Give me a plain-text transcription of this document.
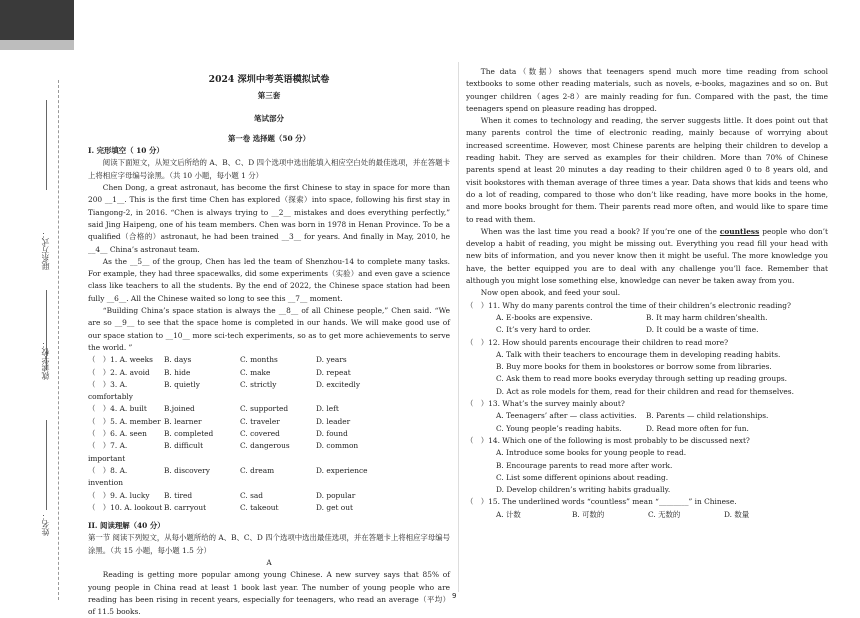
联系方式：
就读学校：
姓名：
2024 深圳中考英语模拟试卷
第三套
笔试部分
第一卷 选择题（50 分）
I. 完形填空（ 10 分）

阅读下面短文，从短文后所给的 A、B、C、D 四个选项中选出能填入相应空白处的最佳选项，并在答题卡上将相应字母编号涂黑。（共 10 小题，每小题 1 分）

Chen Dong, a great astronaut, has become the first Chinese to stay in space for more than 200 __1__. This is the first time Chen has explored（探索）into space, following his first stay in Tiangong-2, in 2016. “Chen is always trying to __2__ mistakes and does everything perfectly,” said Jing Haipeng, one of his team members. Chen was born in 1978 in Henan Province. To be a qualified（合格的）astronaut, he had been trained __3__ for years. And finally in May, 2010, he __4__ China’s astronaut team.

As the __5__ of the group, Chen has led the team of Shenzhou-14 to complete many tasks. For example, they had three spacewalks, did some experiments（实验）and even gave a science class like teachers to all the students. By the end of 2022, the Chinese space station had been fully __6__. All the Chinese waited so long to see this __7__ moment.

“Building China’s space station is always the __8__ of all Chinese people,” Chen said. “We are so __9__ to see that the space home is completed in our hands. We will make good use of our space station to __10__ more sci-tech experiments, so as to get more achievements to serve the world. ”

（　）1. A. weeks	B. days	C. months	D. years
（　）2. A. avoid	B. hide	C. make	D. repeat
（　）3. A. comfortably
B. quietly	C. strictly	D. excitedly
（　）4. A. built	B.joined	C. supported	D. left
（　）5. A. member B. learner	C. traveler	D. leader
（　）6. A. seen	B. completed	C. covered	D. found
（　）7. A. important
B. difficult	C. dangerous	D. common
（　）8. A. invention
B. discovery	C. dream	D. experience
（　）9. A. lucky	B. tired	C. sad	D. popular
（　）10. A. lookout B. carryout	C. takeout	D. get out
II. 阅读理解（40 分）
第一节 阅读下列短文，从每小题所给的 A、B、C、D 四个选项中选出最佳选项，并在答题卡上将相应字母编号涂黑。（共 15 小题，每小题 1.5 分）
A

Reading is getting more popular among young Chinese. A new survey says that 85% of young people in China read at least 1 book last year. The number of young people who are reading has been rising in recent years, especially for teenagers, who read an average（平均）of 11.5 books.

The data（数据）shows that teenagers spend much more time reading from school textbooks to some other reading materials, such as novels, e-books, magazines and so on. But younger children（ages 2-8）are mainly reading for fun. Compared with the past, the time teenagers spend on pleasure reading has dropped.

When it comes to technology and reading, the server suggests little. It does point out that many parents control the time of electronic reading, mainly because of worrying about increased screentime. However, most Chinese parents are helping their children to develop a reading habit. They are served as examples for their children. More than 70% of Chinese parents spend at least 20 minutes a day reading to their children aged 0 to 8 years old, and visit bookstores with theman average of three times a year. Data shows that kids and teens who do a lot of reading, compared to those who don’t like reading, have more books in the home, and more books brought for them. Their parents read more often, and would like to spare time to read with them.

When was the last time you read a book? If you’re one of the countless people who don’t develop a habit of reading, you might be missing out. Everything you read fill your head with new bits of information, and you never know then it might be useful. The more knowledge you have, the better equipped you are to deal with any challenge you’ll face. Remember that although you might lose something else, knowledge can never be taken away from you.

Now open abook, and feed your soul.

（　）11. Why do many parents control the time of their children’s electronic reading?
A. E-books are expensive.	B. It may harm children’shealth.
C. It’s very hard to order.	D. It could be a waste of time.
（　）12. How should parents encourage their children to read more?
A. Talk with their teachers to encourage them in developing reading habits.
B. Buy more books for them in bookstores or borrow some from libraries.
C. Ask them to read more books everyday through setting up reading groups.
D. Act as role models for them, read for their children and read for themselves.
（　）13. What’s the survey mainly about?
A. Teenagers’ after — class activities.	B. Parents — child relationships.
C. Young people’s reading habits.	D. Read more often for fun.
（　）14. Which one of the following is most probably to be discussed next?
A. Introduce some books for young people to read.
B. Encourage parents to read more after work.
C. List some different opinions about reading.
D. Develop children’s writing habits gradually.
（　）15. The underlined words “countless” mean “________” in Chinese.
A. 计数	B. 可数的	C. 无数的	D. 数量
9
